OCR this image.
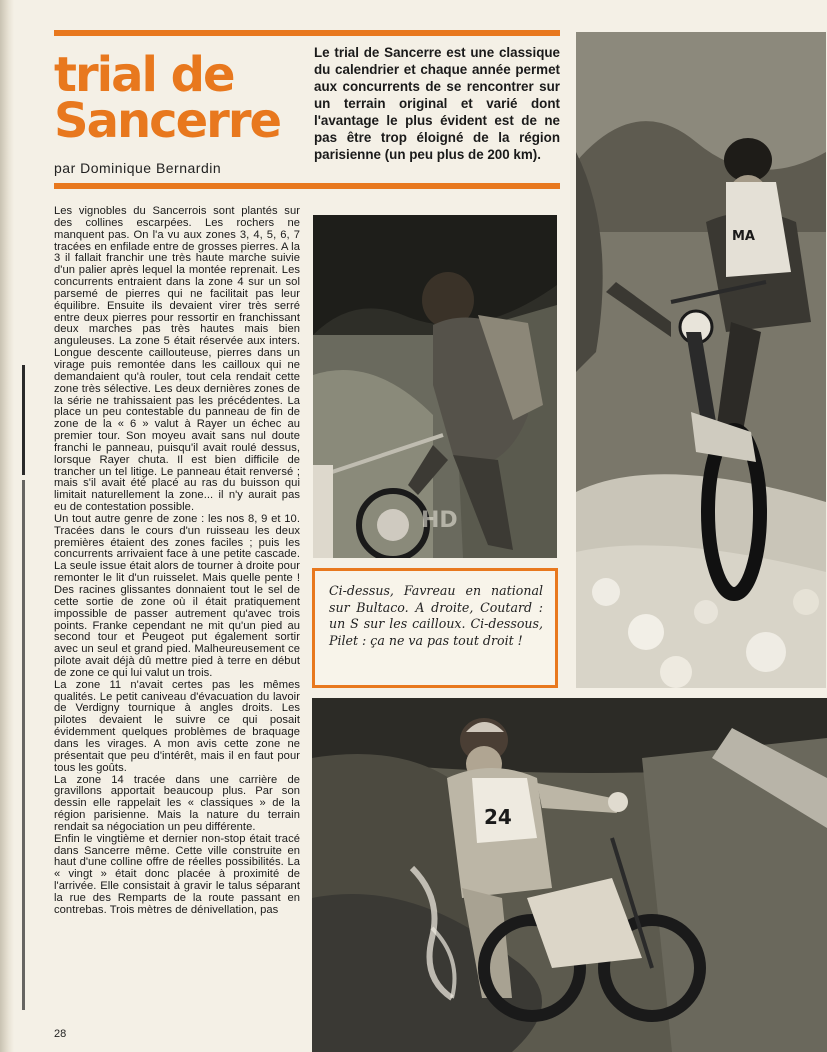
trial de Sancerre
par Dominique Bernardin
Le trial de Sancerre est une classique du calendrier et chaque année permet aux concurrents de se rencontrer sur un terrain original et varié dont l'avantage le plus évident est de ne pas être trop éloigné de la région parisienne (un peu plus de 200 km).
Les vignobles du Sancerrois sont plantés sur des collines escarpées. Les rochers ne manquent pas. On l'a vu aux zones 3, 4, 5, 6, 7 tracées en enfilade entre de grosses pierres. A la 3 il fallait franchir une très haute marche suivie d'un palier après lequel la montée reprenait. Les concurrents entraient dans la zone 4 sur un sol parsemé de pierres qui ne facilitait pas leur équilibre. Ensuite ils devaient virer très serré entre deux pierres pour ressortir en franchissant deux marches pas très hautes mais bien anguleuses. La zone 5 était réservée aux inters. Longue descente caillouteuse, pierres dans un virage puis remontée dans les cailloux qui ne demandaient qu'à rouler, tout cela rendait cette zone très sélective. Les deux dernières zones de la série ne trahissaient pas les précédentes. La place un peu contestable du panneau de fin de zone de la « 6 » valut à Rayer un échec au premier tour. Son moyeu avait sans nul doute franchi le panneau, puisqu'il avait roulé dessus, lorsque Rayer chuta. Il est bien difficile de trancher un tel litige. Le panneau était renversé ; mais s'il avait été placé au ras du buisson qui limitait naturellement la zone... il n'y aurait pas eu de contestation possible.
Un tout autre genre de zone : les nos 8, 9 et 10. Tracées dans le cours d'un ruisseau les deux premières étaient des zones faciles ; puis les concurrents arrivaient face à une petite cascade. La seule issue était alors de tourner à droite pour remonter le lit d'un ruisselet. Mais quelle pente ! Des racines glissantes donnaient tout le sel de cette sortie de zone où il était pratiquement impossible de passer autrement qu'avec trois points. Franke cependant ne mit qu'un pied au second tour et Peugeot put également sortir avec un seul et grand pied. Malheureusement ce pilote avait déjà dû mettre pied à terre en début de zone ce qui lui valut un trois.
La zone 11 n'avait certes pas les mêmes qualités. Le petit caniveau d'évacuation du lavoir de Verdigny tournique à angles droits. Les pilotes devaient le suivre ce qui posait évidemment quelques problèmes de braquage dans les virages. A mon avis cette zone ne présentait que peu d'intérêt, mais il en faut pour tous les goûts.
La zone 14 tracée dans une carrière de gravillons apportait beaucoup plus. Par son dessin elle rappelait les « classiques » de la région parisienne. Mais la nature du terrain rendait sa négociation un peu différente.
Enfin le vingtième et dernier non-stop était tracé dans Sancerre même. Cette ville construite en haut d'une colline offre de réelles possibilités. La « vingt » était donc placée à proximité de l'arrivée. Elle consistait à gravir le talus séparant la rue des Remparts de la route passant en contrebas. Trois mètres de dénivellation, pas
HD
MA
Ci-dessus, Favreau en national sur Bultaco. A droite, Coutard : un S sur les cailloux. Ci-dessous, Pilet : ça ne va pas tout droit !
24
28
